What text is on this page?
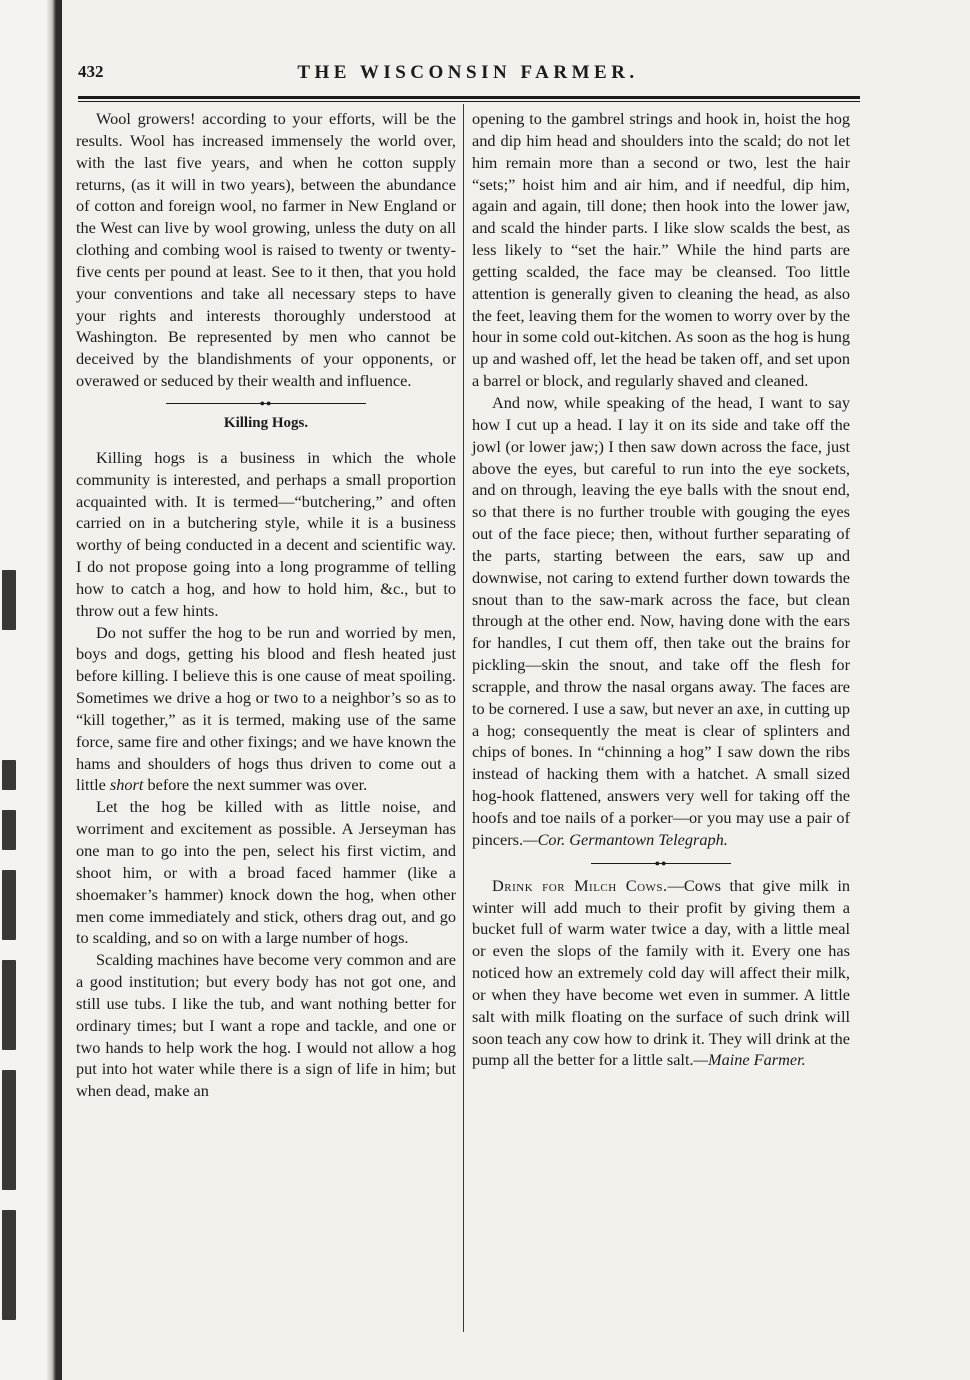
432	THE WISCONSIN FARMER.

Wool growers! according to your efforts, will be the results. Wool has increased immensely the world over, with the last five years, and when he cotton supply returns, (as it will in two years), between the abundance of cotton and foreign wool, no farmer in New England or the West can live by wool growing, unless the duty on all clothing and combing wool is raised to twenty or twenty-five cents per pound at least. See to it then, that you hold your conventions and take all necessary steps to have your rights and interests thoroughly understood at Washington. Be represented by men who cannot be deceived by the blandishments of your opponents, or overawed or seduced by their wealth and influence.

●●
Killing Hogs.

Killing hogs is a business in which the whole community is interested, and perhaps a small proportion acquainted with. It is termed—“butchering,” and often carried on in a butchering style, while it is a business worthy of being conducted in a decent and scientific way. I do not propose going into a long programme of telling how to catch a hog, and how to hold him, &c., but to throw out a few hints.

Do not suffer the hog to be run and worried by men, boys and dogs, getting his blood and flesh heated just before killing. I believe this is one cause of meat spoiling. Sometimes we drive a hog or two to a neighbor’s so as to “kill together,” as it is termed, making use of the same force, same fire and other fixings; and we have known the hams and shoulders of hogs thus driven to come out a little short before the next summer was over.

Let the hog be killed with as little noise, and worriment and excitement as possible. A Jerseyman has one man to go into the pen, select his first victim, and shoot him, or with a broad faced hammer (like a shoemaker’s hammer) knock down the hog, when other men come immediately and stick, others drag out, and go to scalding, and so on with a large number of hogs.

Scalding machines have become very common and are a good institution; but every body has not got one, and still use tubs. I like the tub, and want nothing better for ordinary times; but I want a rope and tackle, and one or two hands to help work the hog. I would not allow a hog put into hot water while there is a sign of life in him; but when dead, make an

opening to the gambrel strings and hook in, hoist the hog and dip him head and shoulders into the scald; do not let him remain more than a second or two, lest the hair “sets;” hoist him and air him, and if needful, dip him, again and again, till done; then hook into the lower jaw, and scald the hinder parts. I like slow scalds the best, as less likely to “set the hair.” While the hind parts are getting scalded, the face may be cleansed. Too little attention is generally given to cleaning the head, as also the feet, leaving them for the women to worry over by the hour in some cold out-kitchen. As soon as the hog is hung up and washed off, let the head be taken off, and set upon a barrel or block, and regularly shaved and cleaned.

And now, while speaking of the head, I want to say how I cut up a head. I lay it on its side and take off the jowl (or lower jaw;) I then saw down across the face, just above the eyes, but careful to run into the eye sockets, and on through, leaving the eye balls with the snout end, so that there is no further trouble with gouging the eyes out of the face piece; then, without further separating of the parts, starting between the ears, saw up and downwise, not caring to extend further down towards the snout than to the saw-mark across the face, but clean through at the other end. Now, having done with the ears for handles, I cut them off, then take out the brains for pickling—skin the snout, and take off the flesh for scrapple, and throw the nasal organs away. The faces are to be cornered. I use a saw, but never an axe, in cutting up a hog; consequently the meat is clear of splinters and chips of bones. In “chinning a hog” I saw down the ribs instead of hacking them with a hatchet. A small sized hog-hook flattened, answers very well for taking off the hoofs and toe nails of a porker—or you may use a pair of pincers.—Cor. Germantown Telegraph.

●●

Drink for Milch Cows.—Cows that give milk in winter will add much to their profit by giving them a bucket full of warm water twice a day, with a little meal or even the slops of the family with it. Every one has noticed how an extremely cold day will affect their milk, or when they have become wet even in summer. A little salt with milk floating on the surface of such drink will soon teach any cow how to drink it. They will drink at the pump all the better for a little salt.—Maine Farmer.
